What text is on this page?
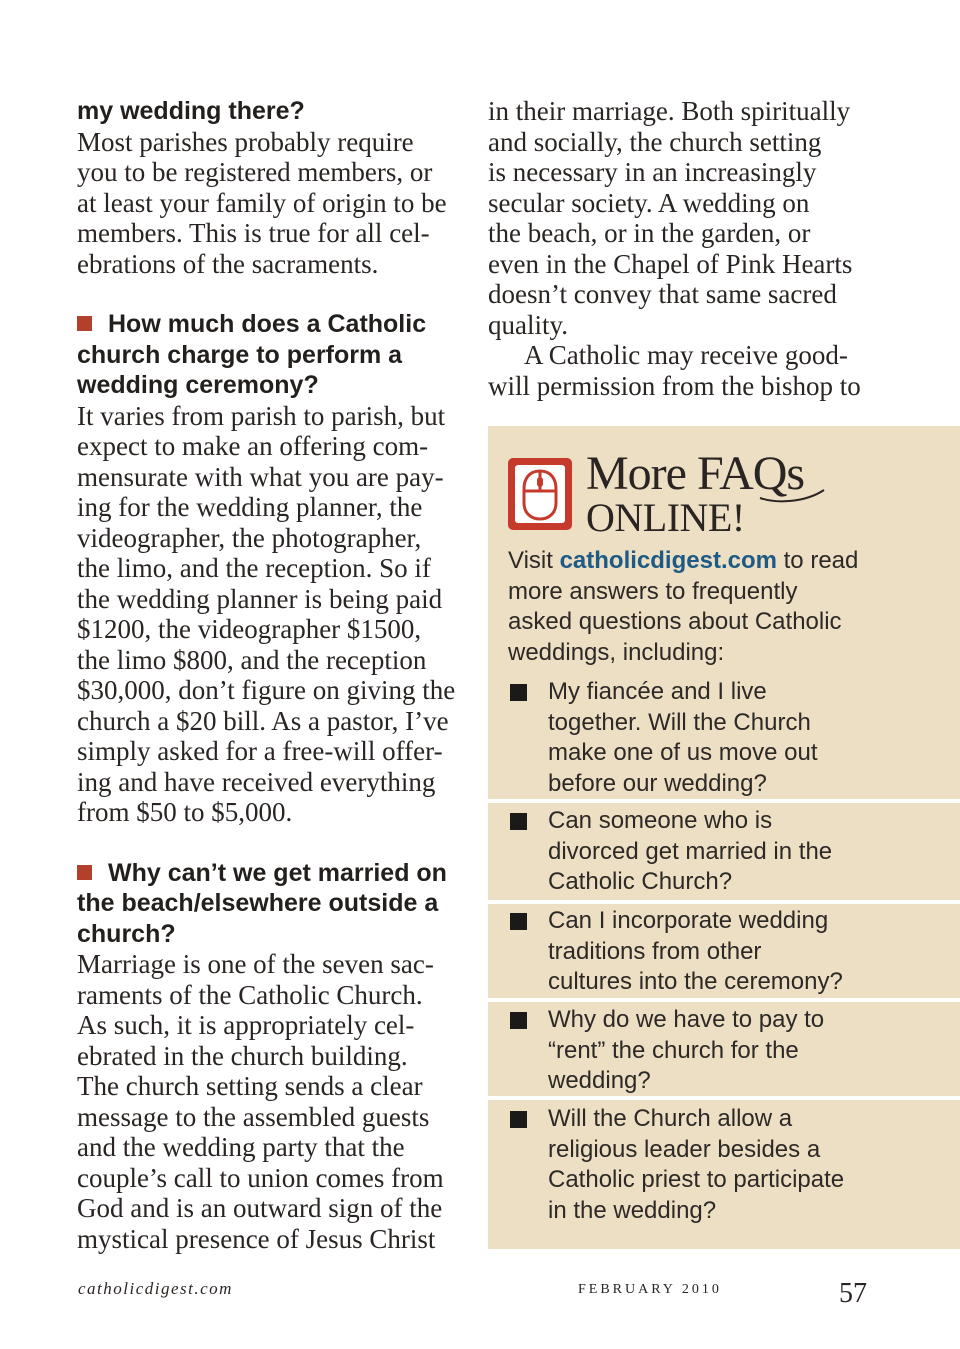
my wedding there?

Most parishes probably require

you to be registered members, or

at least your family of origin to be

members. This is true for all cel-

ebrations of the sacraments.

How much does a Catholic

church charge to perform a

wedding ceremony?

It varies from parish to parish, but

expect to make an offering com-

mensurate with what you are pay-

ing for the wedding planner, the

videographer, the photographer,

the limo, and the reception. So if

the wedding planner is being paid

$1200, the videographer $1500,

the limo $800, and the reception

$30,000, don’t figure on giving the

church a $20 bill. As a pastor, I’ve

simply asked for a free-will offer-

ing and have received everything

from $50 to $5,000.

Why can’t we get married on

the beach/elsewhere outside a

church?

Marriage is one of the seven sac-

raments of the Catholic Church.

As such, it is appropriately cel-

ebrated in the church building.

The church setting sends a clear

message to the assembled guests

and the wedding party that the

couple’s call to union comes from

God and is an outward sign of the

mystical presence of Jesus Christ

in their marriage. Both spiritually

and socially, the church setting

is necessary in an increasingly

secular society. A wedding on

the beach, or in the garden, or

even in the Chapel of Pink Hearts

doesn’t convey that same sacred

quality.

A Catholic may receive good-

will permission from the bishop to

More FAQs

ONLINE!

Visit catholicdigest.com to read
more answers to frequently
asked questions about Catholic
weddings, including:
My fiancée and I live
together. Will the Church
make one of us move out
before our wedding?
Can someone who is
divorced get married in the
Catholic Church?
Can I incorporate wedding
traditions from other
cultures into the ceremony?
Why do we have to pay to
“rent” the church for the
wedding?
Will the Church allow a
religious leader besides a
Catholic priest to participate
in the wedding?
catholicdigest.com	FEBRUARY 2010	57
